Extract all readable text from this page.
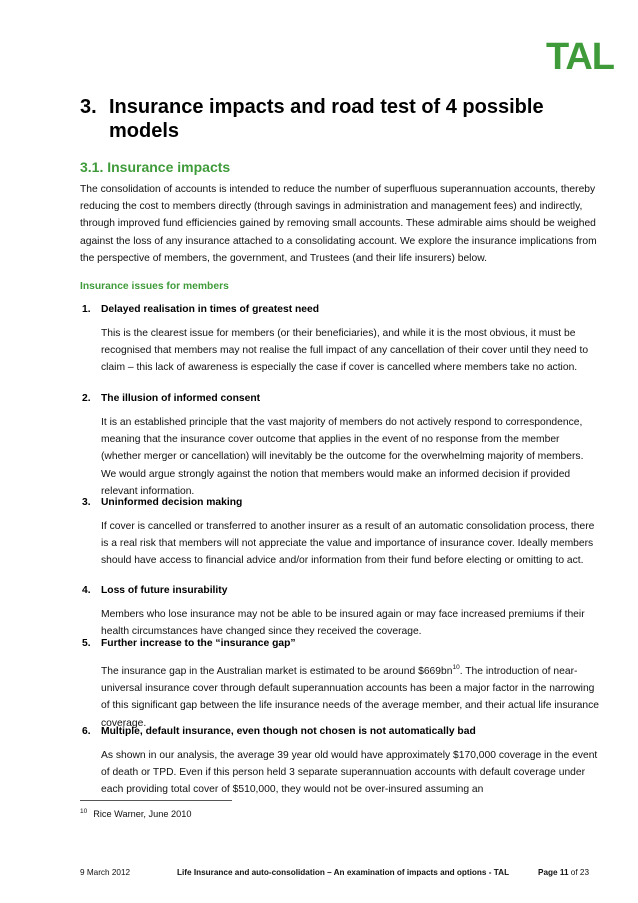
TAL
3. Insurance impacts and road test of 4 possible models
3.1. Insurance impacts
The consolidation of accounts is intended to reduce the number of superfluous superannuation accounts, thereby reducing the cost to members directly (through savings in administration and management fees) and indirectly, through improved fund efficiencies gained by removing small accounts. These admirable aims should be weighed against the loss of any insurance attached to a consolidating account. We explore the insurance implications from the perspective of members, the government, and Trustees (and their life insurers) below.
Insurance issues for members
1. Delayed realisation in times of greatest need
This is the clearest issue for members (or their beneficiaries), and while it is the most obvious, it must be recognised that members may not realise the full impact of any cancellation of their cover until they need to claim – this lack of awareness is especially the case if cover is cancelled where members take no action.
2. The illusion of informed consent
It is an established principle that the vast majority of members do not actively respond to correspondence, meaning that the insurance cover outcome that applies in the event of no response from the member (whether merger or cancellation) will inevitably be the outcome for the overwhelming majority of members. We would argue strongly against the notion that members would make an informed decision if provided relevant information.
3. Uninformed decision making
If cover is cancelled or transferred to another insurer as a result of an automatic consolidation process, there is a real risk that members will not appreciate the value and importance of insurance cover. Ideally members should have access to financial advice and/or information from their fund before electing or omitting to act.
4. Loss of future insurability
Members who lose insurance may not be able to be insured again or may face increased premiums if their health circumstances have changed since they received the coverage.
5. Further increase to the “insurance gap”
The insurance gap in the Australian market is estimated to be around $\$669bn^{10}$. The introduction of near-universal insurance cover through default superannuation accounts has been a major factor in the narrowing of this significant gap between the life insurance needs of the average member, and their actual life insurance coverage.
6. Multiple, default insurance, even though not chosen is not automatically bad
As shown in our analysis, the average 39 year old would have approximately $170,000 coverage in the event of death or TPD. Even if this person held 3 separate superannuation accounts with default coverage under each providing total cover of $510,000, they would not be over-insured assuming an
$^{10}$ Rice Warner, June 2010
9 March 2012	Life Insurance and auto-consolidation – An examination of impacts and options - TAL	Page 11 of 23
